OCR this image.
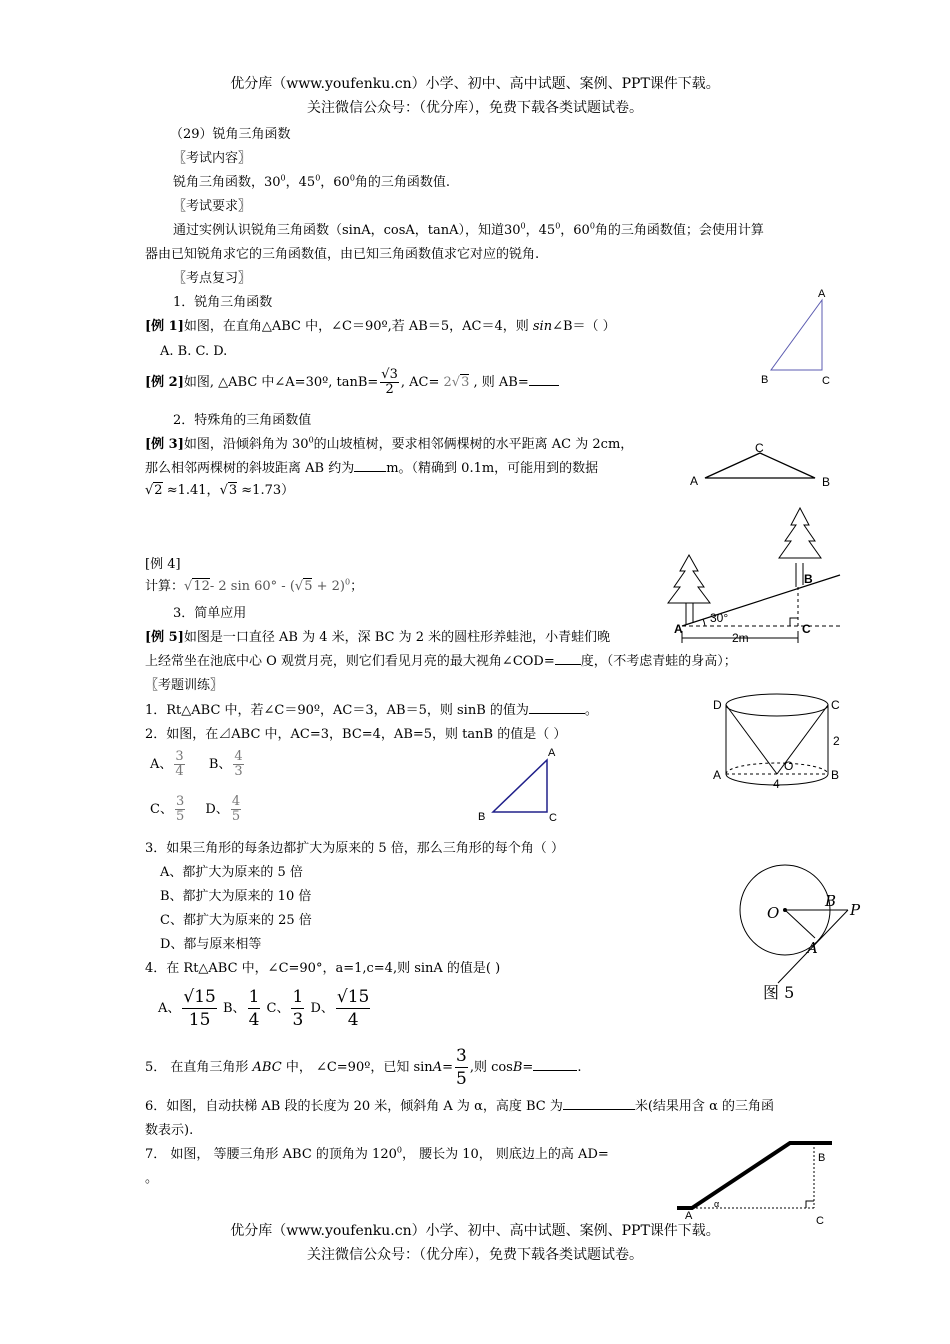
优分库（www.youfenku.cn）小学、初中、高中试题、案例、PPT课件下载。
关注微信公众号：（优分库），免费下载各类试题试卷。
（29）锐角三角函数
〖考试内容〗
锐角三角函数，$30^0$，$45^0$，$60^0$角的三角函数值.
〖考试要求〗
通过实例认识锐角三角函数（sinA，cosA，tanA），知道$30^0$，$45^0$，$60^0$角的三角函数值；会使用计算
器由已知锐角求它的三角函数值，由已知三角函数值求它对应的锐角.
〖考点复习〗
1．锐角三角函数
[例 1]如图，在直角△ABC 中，∠C＝90º,若 AB＝5，AC＝4，则 sin∠B＝（ ）
A. B. C. D.
[例 2]如图, △ABC 中∠A=30º, $\tan B= \frac{√3}{2}$ , AC= 2√3 , 则 AB=
2．特殊角的三角函数值
[例 3]如图，沿倾斜角为 $30^0$的山坡植树，要求相邻俩棵树的水平距离 AC 为 2cm，
那么相邻两棵树的斜坡距离 AB 约为 m。（精确到 0.1m，可能用到的数据
√2 ≈1.41，√3 ≈1.73）
[例 4]
计算：√12- 2 $\sin 60^\circ - (√5 + 2)^0$；
3．简单应用
[例 5]如图是一口直径 AB 为 4 米，深 BC 为 2 米的圆柱形养蛙池，小青蛙们晚
上经常坐在池底中心 O 观赏月亮，则它们看见月亮的最大视角∠COD= 度，（不考虑青蛙的身高）；
〖考题训练〗
1．Rt△ABC 中，若∠C＝90º，AC＝3，AB＝5，则 sinB 的值为	。
2．如图，在⊿ABC 中，AC=3，BC=4，AB=5，则 tanB 的值是（ ）
A、 $\frac{3}{4}$ B、 $\frac{4}{3}$
C、 $\frac{3}{5}$ D、 $\frac{4}{5}$
3．如果三角形的每条边都扩大为原来的 5 倍，那么三角形的每个角（ ）
A、都扩大为原来的 5 倍
B、都扩大为原来的 10 倍
C、都扩大为原来的 25 倍
D、都与原来相等
4．在 Rt△ABC 中，∠C=90°，a=1,c=4,则 sinA 的值是( )
A、 $\frac{√15}{15}$ B、 $\frac{1}{4}$ C、 $\frac{1}{3}$ D、 $\frac{√15}{4}$
5． 在直角三角形 ABC 中， ∠C=90º，已知 $\sin A= \frac{3}{5}$ ,则 cosB=	.
6．如图，自动扶梯 AB 段的长度为 20 米，倾斜角 A 为 α，高度 BC 为	米(结果用含 α 的三角函
数表示).
7． 如图， 等腰三角形 ABC 的顶角为 $120^0$， 腰长为 10， 则底边上的高 AD=
。
优分库（www.youfenku.cn）小学、初中、高中试题、案例、PPT课件下载。
关注微信公众号：（优分库），免费下载各类试题试卷。
A
B	C
C
A	B
30°
2m
A
B
C
D	C
A	B
O
2
4
A
B	C
O
B P
A
图 5
α
B
C
A
